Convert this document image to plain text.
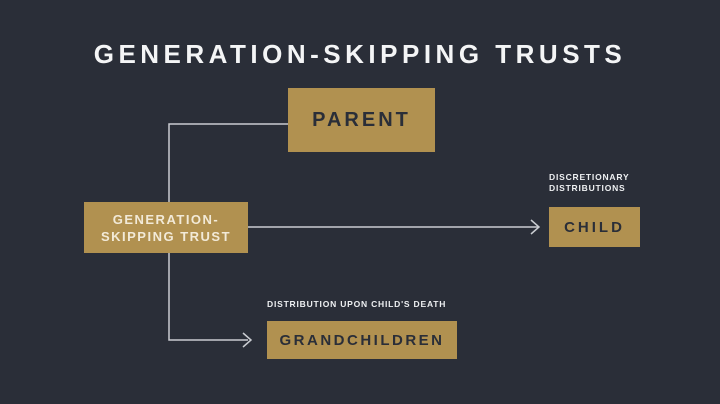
GENERATION-SKIPPING TRUSTS
PARENT
GENERATION-
SKIPPING TRUST
DISCRETIONARY
DISTRIBUTIONS
CHILD
DISTRIBUTION UPON CHILD'S DEATH
GRANDCHILDREN
